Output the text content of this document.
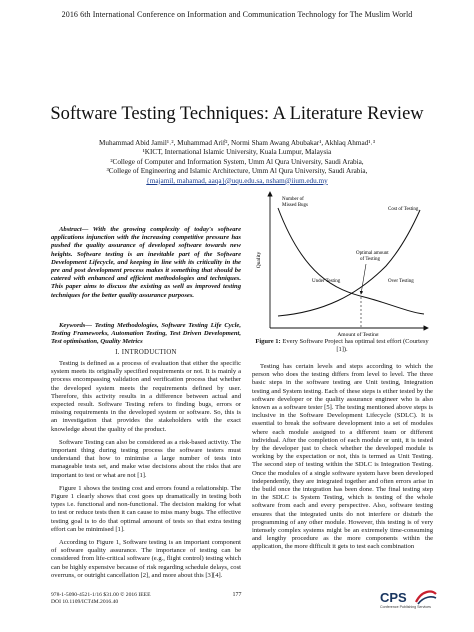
2016 6th International Conference on Information and Communication Technology for The Muslim World
Software Testing Techniques: A Literature Review
Muhammad Abid Jamil¹˒², Muhammad Arif², Normi Sham Awang Abubakar¹, Akhlaq Ahmad¹˒³
¹KICT, International Islamic University, Kuala Lumpur, Malaysia
²College of Computer and Information System, Umm Al Qura University, Saudi Arabia,
³College of Engineering and Islamic Architecture, Umm Al Qura University, Saudi Arabia,
{majamil, mahamad, aaqa}@uqu.edu.sa, nsham@iium.edu.my
Abstract— With the growing complexity of today's software applications injunction with the increasing competitive pressure has pushed the quality assurance of developed software towards new heights. Software testing is an inevitable part of the Software Development Lifecycle, and keeping in line with its criticality in the pre and post development process makes it something that should be catered with enhanced and efficient methodologies and techniques. This paper aims to discuss the existing as well as improved testing techniques for the better quality assurance purposes.
Keywords— Testing Methodologies, Software Testing Life Cycle, Testing Frameworks, Automation Testing, Test Driven Development, Test optimisation, Quality Metrics
I. INTRODUCTION

Testing is defined as a process of evaluation that either the specific system meets its originally specified requirements or not. It is mainly a process encompassing validation and verification process that whether the developed system meets the requirements defined by user. Therefore, this activity results in a difference between actual and expected result. Software Testing refers to finding bugs, errors or missing requirements in the developed system or software. So, this is an investigation that provides the stakeholders with the exact knowledge about the quality of the product.

Software Testing can also be considered as a risk-based activity. The important thing during testing process the software testers must understand that how to minimise a large number of tests into manageable tests set, and make wise decisions about the risks that are important to test or what are not [1].

Figure 1 shows the testing cost and errors found a relationship. The Figure 1 clearly shows that cost goes up dramatically in testing both types i.e. functional and non-functional. The decision making for what to test or reduce tests then it can cause to miss many bugs. The effective testing goal is to do that optimal amount of tests so that extra testing effort can be minimised [1].

According to Figure 1, Software testing is an important component of software quality assurance. The importance of testing can be considered from life-critical software (e.g., flight control) testing which can be highly expensive because of risk regarding schedule delays, cost overruns, or outright cancellation [2], and more about this [3][4].

Quality
Amount of Testing
Number of
Missed Bugs
Cost of Testing
Optimal amount
of Testing
Under Testing	Over Testing
Figure 1: Every Software Project has optimal test effort (Courtesy [1]).

Testing has certain levels and steps according to which the person who does the testing differs from level to level. The three basic steps in the software testing are Unit testing, Integration testing and System testing. Each of these steps is either tested by the software developer or the quality assurance engineer who is also known as a software tester [5]. The testing mentioned above steps is inclusive in the Software Development Lifecycle (SDLC). It is essential to break the software development into a set of modules where each module assigned to a different team or different individual. After the completion of each module or unit, it is tested by the developer just to check whether the developed module is working by the expectation or not, this is termed as Unit Testing. The second step of testing within the SDLC is Integration Testing. Once the modules of a single software system have been developed independently, they are integrated together and often errors arise in the build once the integration has been done. The final testing step in the SDLC is System Testing, which is testing of the whole software from each and every perspective. Also, software testing ensures that the integrated units do not interfere or disturb the programming of any other module. However, this testing is of very intensely complex systems might be an extremely time-consuming and lengthy procedure as the more components within the application, the more difficult it gets to test each combination

978-1-5090-4521-1/16 $31.00 © 2016 IEEE
DOI 10.1109/ICT4M.2016.40
177	CPS
Conference Publishing Services
